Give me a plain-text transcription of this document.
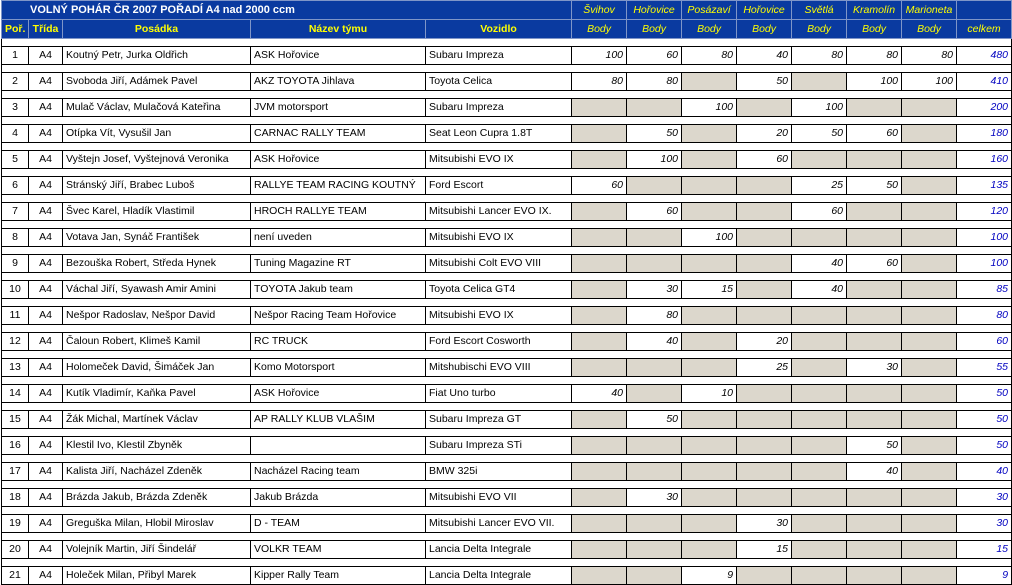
VOLNÝ POHÁR ČR 2007 POŘADÍ A4 nad 2000 ccm					Švihov	Hořovice	Posázaví	Hořovice	Světlá	Kramolín	Marioneta	
Poř.	Třída	Posádka	Název týmu	Vozidlo	Body	Body	Body	Body	Body	Body	Body	celkem

1	A4	Koutný Petr, Jurka Oldřich	ASK Hořovice	Subaru Impreza	100	60	80	40	80	80	80	480

2	A4	Svoboda Jiří, Adámek Pavel	AKZ TOYOTA Jihlava	Toyota Celica	80	80		50		100	100	410

3	A4	Mulač Václav, Mulačová Kateřina	JVM motorsport	Subaru Impreza			100		100			200

4	A4	Otípka Vít, Vysušil Jan	CARNAC RALLY TEAM	Seat Leon Cupra 1.8T		50		20	50	60		180

5	A4	Vyštejn Josef, Vyštejnová Veronika	ASK Hořovice	Mitsubishi EVO IX		100		60				160

6	A4	Stránský Jiří, Brabec Luboš	RALLYE TEAM RACING KOUTNÝ	Ford Escort	60				25	50		135

7	A4	Švec Karel, Hladík Vlastimil	HROCH RALLYE TEAM	Mitsubishi Lancer EVO IX.		60			60			120

8	A4	Votava Jan, Synáč František	není uveden	Mitsubishi EVO IX			100					100

9	A4	Bezouška Robert, Středa Hynek	Tuning Magazine RT	Mitsubishi Colt EVO VIII					40	60		100

10	A4	Váchal Jiří, Syawash Amir Amini	TOYOTA Jakub team	Toyota Celica GT4		30	15		40			85

11	A4	Nešpor Radoslav, Nešpor David	Nešpor Racing Team Hořovice	Mitsubishi EVO IX		80						80

12	A4	Čaloun Robert, Klimeš Kamil	RC TRUCK	Ford Escort Cosworth		40		20				60

13	A4	Holomeček David, Šimáček Jan	Komo Motorsport	Mitshubischi EVO VIII				25		30		55

14	A4	Kutík Vladimír, Kaňka Pavel	ASK Hořovice	Fiat Uno turbo	40		10					50

15	A4	Žák Michal, Martínek Václav	AP RALLY KLUB VLAŠIM	Subaru Impreza GT		50						50

16	A4	Klestil Ivo, Klestil Zbyněk		Subaru Impreza STi						50		50

17	A4	Kalista Jiří, Nacházel Zdeněk	Nacházel Racing team	BMW 325i						40		40

18	A4	Brázda Jakub, Brázda Zdeněk	Jakub Brázda	Mitsubishi EVO VII		30						30

19	A4	Greguška Milan, Hlobil Miroslav	D - TEAM	Mitsubishi Lancer EVO VII.				30				30

20	A4	Volejník Martin, Jiří Šindelář	VOLKR TEAM	Lancia Delta Integrale				15				15

21	A4	Holeček Milan, Přibyl Marek	Kipper Rally Team	Lancia Delta Integrale			9					9
